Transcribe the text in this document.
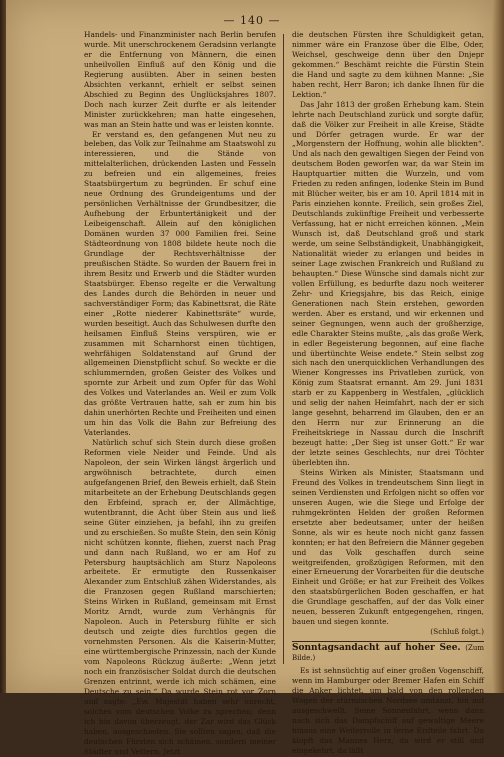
— 140 —

Handels- und Finanzminister nach Berlin berufen wurde. Mit unerschrockenem Geradsinn verlangte er die Entfernung von Männern, die einen unheilvollen Einfluß auf den König und die Regierung ausübten. Aber in seinen besten Absichten verkannt, erhielt er selbst seinen Abschied zu Beginn des Unglücksjahres 1807. Doch nach kurzer Zeit durfte er als leitender Minister zurückkehren; man hatte eingesehen, was man an Stein hatte und was er leisten konnte.

Er verstand es, den gefangenen Mut neu zu beleben, das Volk zur Teilnahme am Staatswohl zu interessieren, und die Stände von mittelalterlichen, drückenden Lasten und Fesseln zu befreien und ein allgemeines, freies Staatsbürgertum zu begründen. Er schuf eine neue Ordnung des Grundeigentums und der persönlichen Verhältnisse der Grundbesitzer, die Aufhebung der Erbuntertänigkeit und der Leibeigenschaft. Allein auf den königlichen Domänen wurden 37 000 Familien frei. Seine Städteordnung von 1808 bildete heute noch die Grundlage der Rechtsverhältnisse der preußischen Städte. So wurden der Bauern frei in ihrem Besitz und Erwerb und die Städter wurden Staatsbürger. Ebenso regelte er die Verwaltung des Landes durch die Behörden in neuer und sachverständiger Form; das Kabinettsrat, die Räte einer „Rotte niederer Kabinettsräte“ wurde, wurden beseitigt. Auch das Schulwesen durfte den heilsamen Einfluß Steins verspüren, wie er zusammen mit Scharnhorst einen tüchtigen, wehrfähigen Soldatenstand auf Grund der allgemeinen Dienstpflicht schuf. So weckte er die schlummernden, großen Geister des Volkes und spornte zur Arbeit und zum Opfer für das Wohl des Volkes und Vaterlandes an. Weil er zum Volk das größte Vertrauen hatte, sah er zum hin bis dahin unerhörten Rechte und Freiheiten und einen um hin das Volk die Bahn zur Befreiung des Vaterlandes.

Natürlich schuf sich Stein durch diese großen Reformen viele Neider und Feinde. Und als Napoleon, der sein Wirken längst ärgerlich und argwöhnisch betrachtete, durch einen aufgefangenen Brief, den Beweis erhielt, daß Stein mitarbeitete an der Erhebung Deutschlands gegen den Erbfeind, sprach er, der Allmächtige, wutentbrannt, die Acht über Stein aus und ließ seine Güter einziehen, ja befahl, ihn zu greifen und zu erschießen. So mußte Stein, den sein König nicht schützen konnte, fliehen, zuerst nach Prag und dann nach Rußland, wo er am Hof zu Petersburg hauptsächlich am Sturz Napoleons arbeitete. Er ermutigte den Russenkaiser Alexander zum Entschluß zähen Widerstandes, als die Franzosen gegen Rußland marschierten; Steins Wirken in Rußland, gemeinsam mit Ernst Moritz Arndt, wurde zum Verhängnis für Napoleon. Auch in Petersburg fühlte er sich deutsch und zeigte dies furchtlos gegen die vornehmsten Personen. Als die Kaiserin-Mutter, eine württembergische Prinzessin, nach der Kunde vom Napoleons Rückzug äußerte: „Wenn jetzt noch ein französischer Soldat durch die deutschen Grenzen entrinnt, werde ich mich schämen, eine Deutsche zu sein.“ Da wurde Stein rot vor Zorn und sagte: „Ew. Majestät haben sehr unrecht, solches vom deutschen Volke zu sprechen; denn ich bin davon überzeugt, der Zar wird das Glück haben, ausgeschieden. Sie sollten sagen, daß die deutschen Fürsten sich schämen, sondern meiner Städter und Vettern. Jetzt

die deutschen Fürsten ihre Schuldigkeit getan, nimmer wäre ein Franzose über die Elbe, Oder, Weichsel, geschweige denn über den Dnjepr gekommen.“ Beschämt reichte die Fürstin Stein die Hand und sagte zu dem kühnen Manne: „Sie haben recht, Herr Baron; ich danke Ihnen für die Lektion.“

Das Jahr 1813 der großen Erhebung kam. Stein lehrte nach Deutschland zurück und sorgte dafür, daß die Völker zur Freiheit in alle Kreise, Städte und Dörfer getragen wurde. Er war der „Morgenstern der Hoffnung, wohin alle blickten“. Und als nach den gewaltigen Siegen der Feind von deutschem Boden geworfen war, da war Stein im Hauptquartier mitten die Wurzeln, und vom Frieden zu reden anfingen, lodenke Stein im Bund mit Blücher weiter, bis er am 10. April 1814 mit in Paris einziehen konnte. Freilich, sein großes Ziel, Deutschlands zukünftige Freiheit und verbesserte Verfassung, hat er nicht erreichen können. „Mein Wunsch ist, daß Deutschland groß und stark werde, um seine Selbständigkeit, Unabhängigkeit, Nationalität wieder zu erlangen und beides in seiner Lage zwischen Frankreich und Rußland zu behaupten.“ Diese Wünsche sind damals nicht zur vollen Erfüllung, es bedurfte dazu noch weiterer Zehr- und Kriegsjahre, bis das Reich, einige Generationen nach Stein erstehen, geworden werden. Aber es erstand, und wir erkennen und seiner Gegnungen, wenn auch der großherzige, edle Charakter Steins mußte, „als das große Werk, in edler Begeisterung begonnen, auf eine flache und übertünchte Weise endete.“ Stein selbst zog sich nach den unerquicklichen Verhandlungen des Wiener Kongresses ins Privatleben zurück, von König zum Staatsrat ernannt. Am 29. Juni 1831 starb er zu Kappenberg in Westfalen, „glücklich und selig der nahen Heimfahrt, nach der er sich lange gesehnt, beharrend im Glauben, den er an den Herrn nur zur Erinnerung an die Freiheitskriege in Nassau durch die Inschrift bezeugt hatte: „Der Sieg ist unser Gott.“ Er war der letzte seines Geschlechts, nur drei Töchter überlebten ihn.

Steins Wirken als Minister, Staatsmann und Freund des Volkes in trendeutschem Sinn liegt in seinen Verdiensten und Erfolgen nicht so offen vor unseren Augen, wie die Siege und Erfolge der ruhmgekrönten Helden der großen Reformen ersetzte aber bedeutsamer, unter der heißen Sonne, als wir es heute noch nicht ganz fassen konnten; er hat den Befreiern die Männer gegeben und das Volk geschaffen durch seine weitgreifenden, großzügigen Reformen, mit den einer Erneuerung der Vorarbeiten für die deutsche Einheit und Größe; er hat zur Freiheit des Volkes den staatsbürgerlichen Boden geschaffen, er hat die Grundlage geschaffen, auf der das Volk einer neuen, besseren Zukunft entgegengehen, ringen, bauen und siegen konnte.

(Schluß folgt.)

Sonntagsandacht auf hoher See. (Zum Bilde.)

Es ist sehnsüchtig auf einer großen Vogenschiff, wenn im Hamburger oder Bremer Hafen ein Schiff die Anker lichtet, um bald von den rollenden Wogen der stürmischen Nordsee umtanzt, hin auf ausgeschwellt, Seine Sonnenfahrt, wenn dann nach sich das Dampfschiff auf gewaltige Meere hinaus eine Weiterrolle in ferne Erdteile fahrt. Da klopft das Mannes Herz, da wird er still und eingekehrt, da läßt
